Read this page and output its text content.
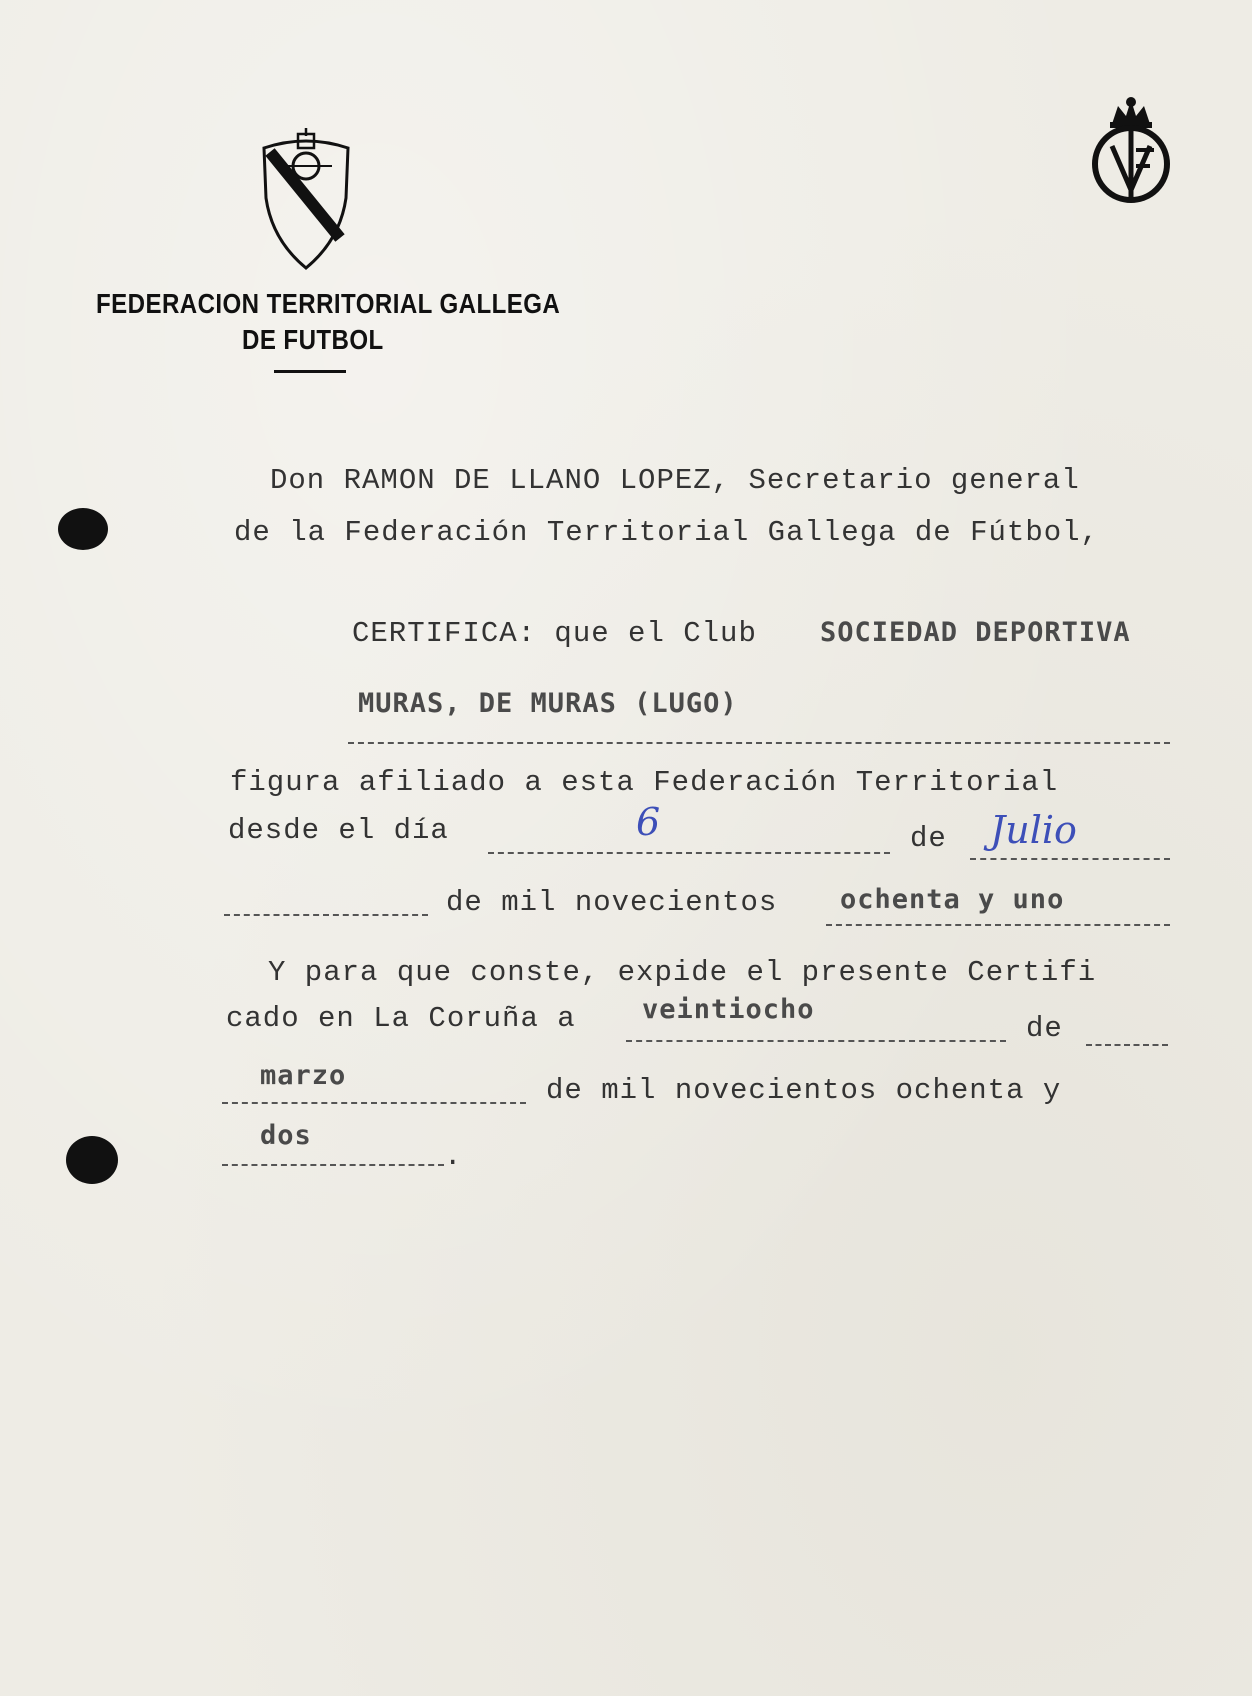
FEDERACION TERRITORIAL GALLEGA
DE FUTBOL
Don RAMON DE LLANO LOPEZ, Secretario general
de la Federación Territorial Gallega de Fútbol,
CERTIFICA: que el Club SOCIEDAD DEPORTIVA
MURAS, DE MURAS (LUGO)
figura afiliado a esta Federación Territorial
desde el día	6	de Julio
de mil novecientos ochenta y uno
Y para que conste, expide el presente Certifi
cado en La Coruña a veintiocho
de
marzo	de mil novecientos ochenta y
dos
.
